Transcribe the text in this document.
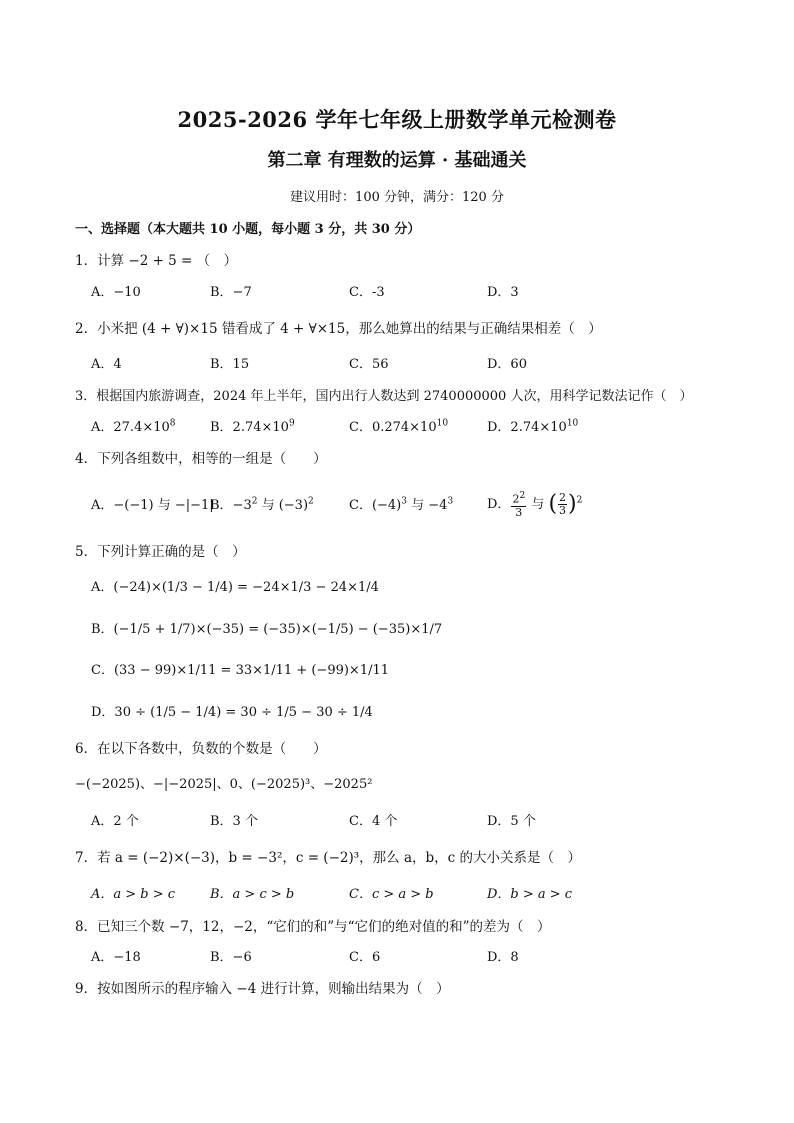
2025-2026 学年七年级上册数学单元检测卷
第二章 有理数的运算 · 基础通关
建议用时：100 分钟，满分：120 分
一、选择题（本大题共 10 小题，每小题 3 分，共 30 分）
1．计算 −2 + 5 = （　）
A．−10	B．−7	C．-3	D．3
2．小米把 (4 + ∀)×15 错看成了 4 + ∀×15，那么她算出的结果与正确结果相差（　）
A．4	B．15	C．56	D．60
3．根据国内旅游调查，2024 年上半年，国内出行人数达到 2740000000 人次，用科学记数法记作（　）
A．$27.4\times 10^8$	B．$2.74\times 10^9$	C．$0.274\times 10^{10}$	D．$2.74\times 10^{10}$
4．下列各组数中，相等的一组是（　　）
A．−(−1) 与 −|−1|
B．$-3^2$ 与 $(-3)^2$	C．$(-4)^3$ 与 $-4^3$	D． $\frac{2^2}{3}$ 与 ( $\frac{2}{3} )^2$
5．下列计算正确的是（　）
A．(−24)×(1/3 − 1/4) = −24×1/3 − 24×1/4
B．(−1/5 + 1/7)×(−35) = (−35)×(−1/5) − (−35)×1/7
C．(33 − 99)×1/11 = 33×1/11 + (−99)×1/11
D．30 ÷ (1/5 − 1/4) = 30 ÷ 1/5 − 30 ÷ 1/4
6．在以下各数中，负数的个数是（　　）
−(−2025)、−|−2025|、0、(−2025)³、−2025²
A．2 个	B．3 个	C．4 个	D．5 个
7．若 a = (−2)×(−3)，b = −3²，c = (−2)³，那么 a，b，c 的大小关系是（　）
A．a > b > c	B．a > c > b	C．c > a > b	D．b > a > c
8．已知三个数 −7，12，−2，“它们的和”与“它们的绝对值的和”的差为（　）
A．−18	B．−6	C．6	D．8
9．按如图所示的程序输入 −4 进行计算，则输出结果为（　）
